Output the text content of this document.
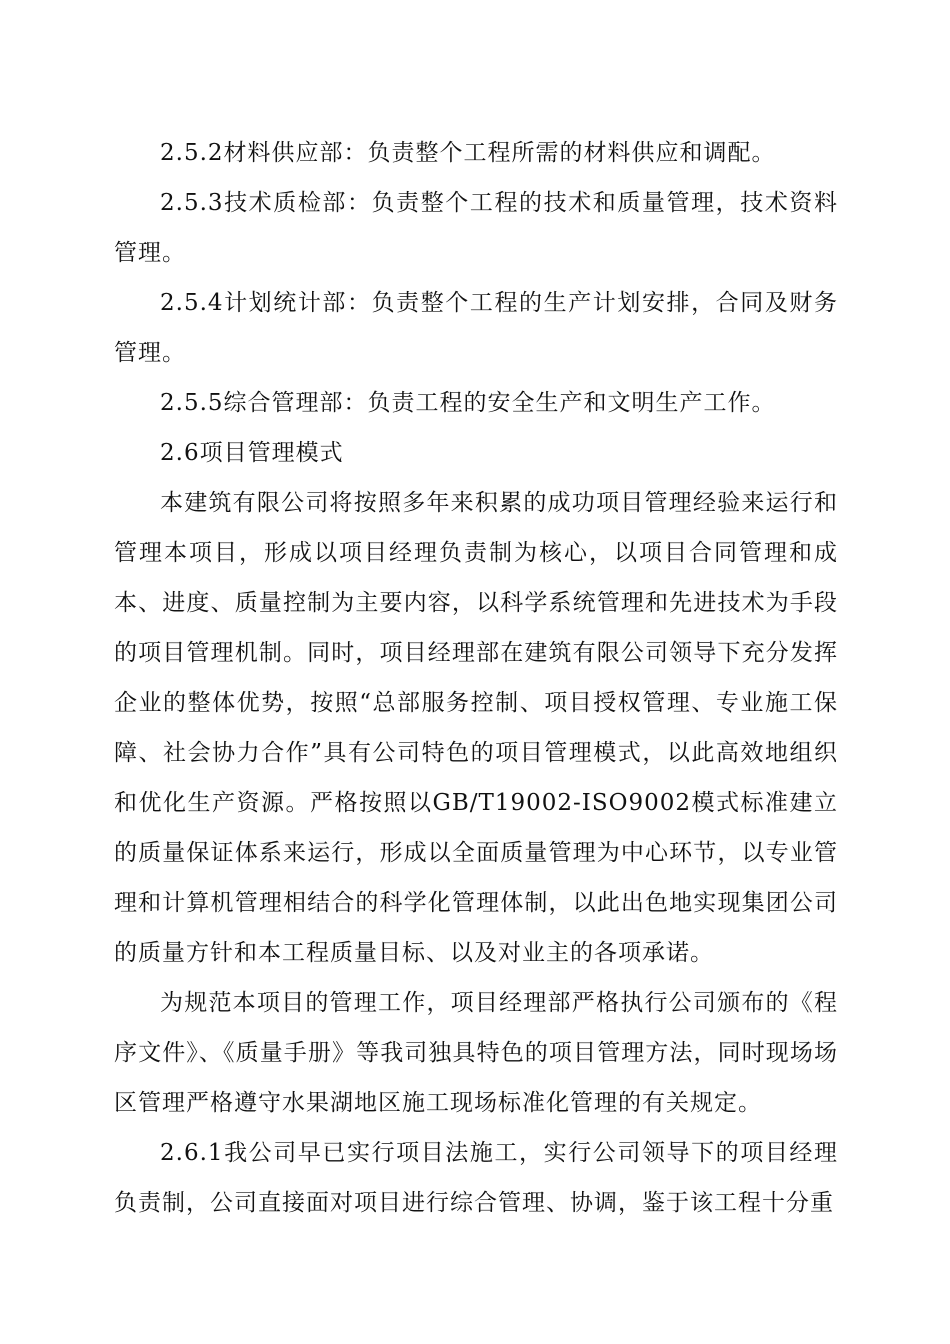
2.5.2材料供应部：负责整个工程所需的材料供应和调配。

2.5.3技术质检部：负责整个工程的技术和质量管理，技术资料管理。

2.5.4计划统计部：负责整个工程的生产计划安排，合同及财务管理。

2.5.5综合管理部：负责工程的安全生产和文明生产工作。

2.6项目管理模式

本建筑有限公司将按照多年来积累的成功项目管理经验来运行和管理本项目，形成以项目经理负责制为核心，以项目合同管理和成本、进度、质量控制为主要内容，以科学系统管理和先进技术为手段的项目管理机制。同时，项目经理部在建筑有限公司领导下充分发挥企业的整体优势，按照“总部服务控制、项目授权管理、专业施工保障、社会协力合作”具有公司特色的项目管理模式，以此高效地组织和优化生产资源。严格按照以GB/T19002-ISO9002模式标准建立的质量保证体系来运行，形成以全面质量管理为中心环节，以专业管理和计算机管理相结合的科学化管理体制，以此出色地实现集团公司的质量方针和本工程质量目标、以及对业主的各项承诺。

为规范本项目的管理工作，项目经理部严格执行公司颁布的《程序文件》、《质量手册》等我司独具特色的项目管理方法，同时现场场区管理严格遵守水果湖地区施工现场标准化管理的有关规定。

2.6.1我公司早已实行项目法施工，实行公司领导下的项目经理负责制，公司直接面对项目进行综合管理、协调，鉴于该工程十分重
